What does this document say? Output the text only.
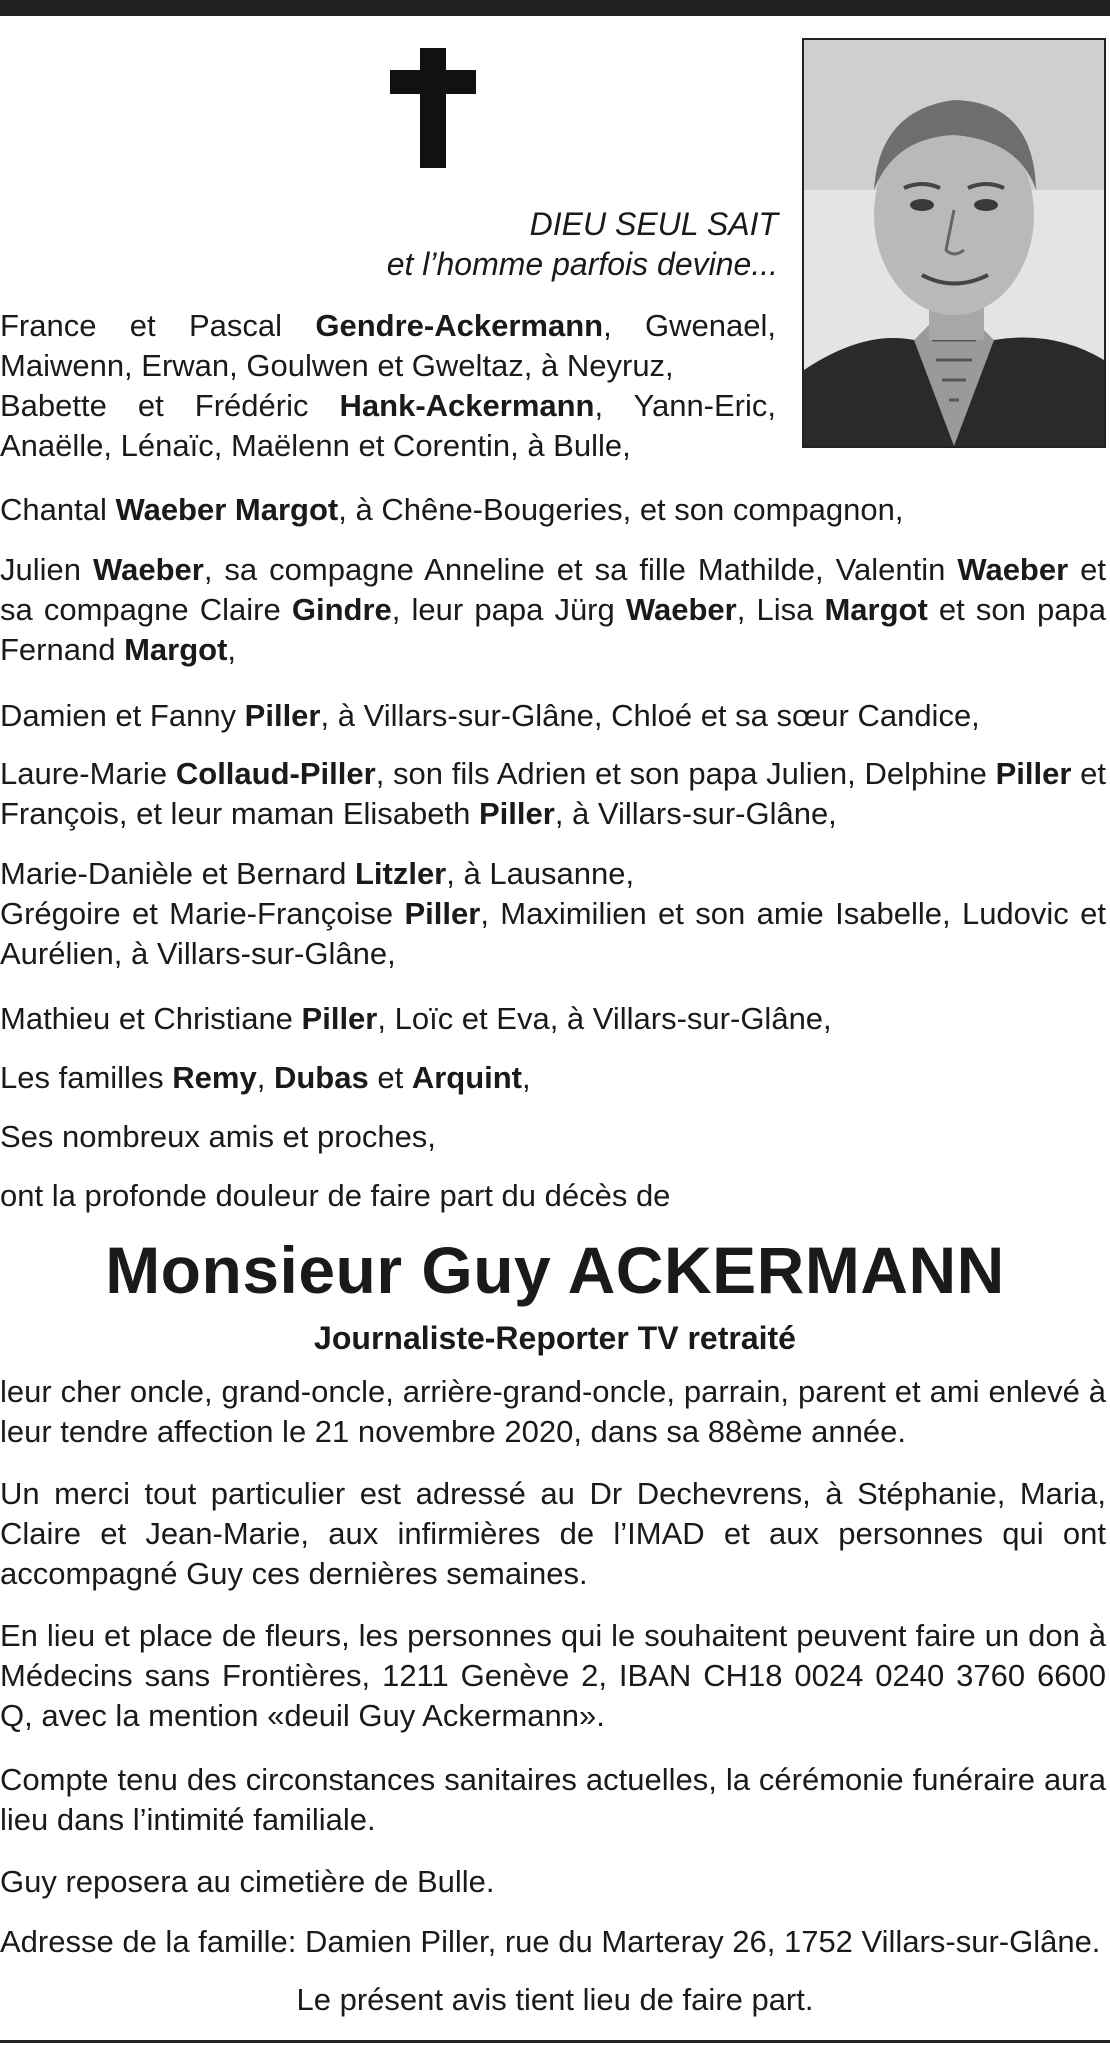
DIEU SEUL SAIT
et l’homme parfois devine...

France et Pascal Gendre-Ackermann, Gwenael, Maiwenn, Erwan, Goulwen et Gweltaz, à Neyruz,

Babette et Frédéric Hank-Ackermann, Yann-Eric, Anaëlle, Lénaïc, Maëlenn et Corentin, à Bulle,

Chantal Waeber Margot, à Chêne-Bougeries, et son compagnon,

Julien Waeber, sa compagne Anneline et sa fille Mathilde, Valentin Waeber et sa compagne Claire Gindre, leur papa Jürg Waeber, Lisa Margot et son papa Fernand Margot,

Damien et Fanny Piller, à Villars-sur-Glâne, Chloé et sa sœur Candice,

Laure-Marie Collaud-Piller, son fils Adrien et son papa Julien, Delphine Piller et François, et leur maman Elisabeth Piller, à Villars-sur-Glâne,

Marie-Danièle et Bernard Litzler, à Lausanne,

Grégoire et Marie-Françoise Piller, Maximilien et son amie Isabelle, Ludovic et Aurélien, à Villars-sur-Glâne,

Mathieu et Christiane Piller, Loïc et Eva, à Villars-sur-Glâne,

Les familles Remy, Dubas et Arquint,

Ses nombreux amis et proches,

ont la profonde douleur de faire part du décès de

Monsieur Guy ACKERMANN
Journaliste-Reporter TV retraité

leur cher oncle, grand-oncle, arrière-grand-oncle, parrain, parent et ami enlevé à leur tendre affection le 21 novembre 2020, dans sa 88ème année.

Un merci tout particulier est adressé au Dr Dechevrens, à Stéphanie, Maria, Claire et Jean-Marie, aux infirmières de l’IMAD et aux personnes qui ont accompagné Guy ces dernières semaines.

En lieu et place de fleurs, les personnes qui le souhaitent peuvent faire un don à Médecins sans Frontières, 1211 Genève 2, IBAN CH18 0024 0240 3760 6600 Q, avec la mention «deuil Guy Ackermann».

Compte tenu des circonstances sanitaires actuelles, la cérémonie funéraire aura lieu dans l’intimité familiale.

Guy reposera au cimetière de Bulle.

Adresse de la famille: Damien Piller, rue du Marteray 26, 1752 Villars-sur-Glâne.

Le présent avis tient lieu de faire part.
